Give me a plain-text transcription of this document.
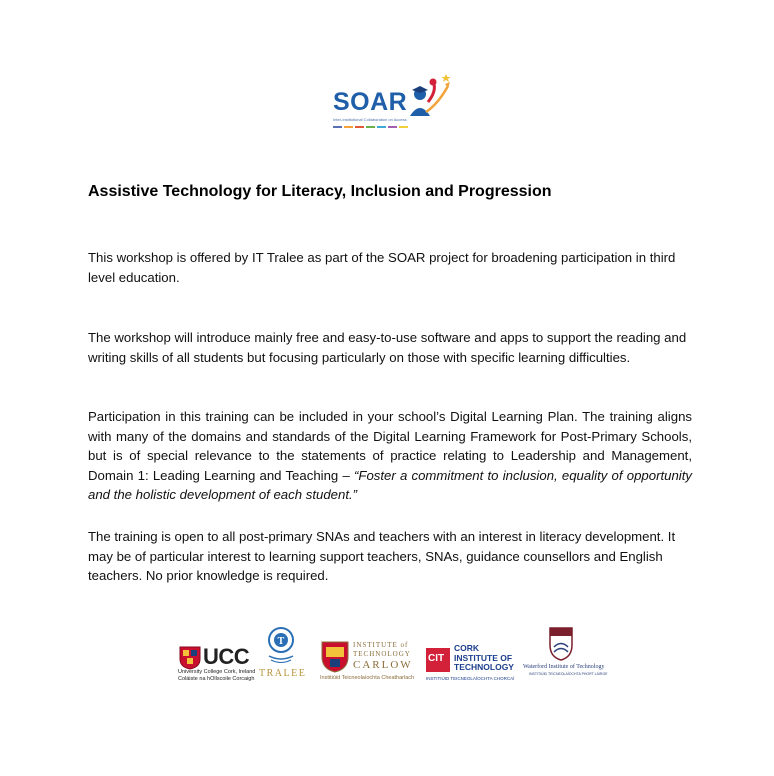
SOAR
Inter-Institutional Collaboration on Access
Assistive Technology for Literacy, Inclusion and Progression

This workshop is offered by IT Tralee as part of the SOAR project for broadening participation in third level education.

The workshop will introduce mainly free and easy-to-use software and apps to support the reading and writing skills of all students but focusing particularly on those with specific learning difficulties.

Participation in this training can be included in your school’s Digital Learning Plan. The training aligns with many of the domains and standards of the Digital Learning Framework for Post-Primary Schools, but is of special relevance to the statements of practice relating to Leadership and Management, Domain 1: Leading Learning and Teaching – “Foster a commitment to inclusion, equality of opportunity and the holistic development of each student.”

The training is open to all post-primary SNAs and teachers with an interest in literacy development. It may be of particular interest to learning support teachers, SNAs, guidance counsellors and English teachers. No prior knowledge is required.

UCC
University College Cork, Ireland
Coláiste na hOllscoile Corcaigh
T
TRALEE
INSTITUTE of
TECHNOLOGY
CARLOW
Institiúid Teicneolaíochta Cheatharlach
CIT
CORK
INSTITUTE OF
TECHNOLOGY
INSTITIÚID TEICNEOLAÍOCHTA CHORCAÍ
Waterford Institute of Technology
INSTITIÚID TEICNEOLAÍOCHTA PHORT LÁIRGE
